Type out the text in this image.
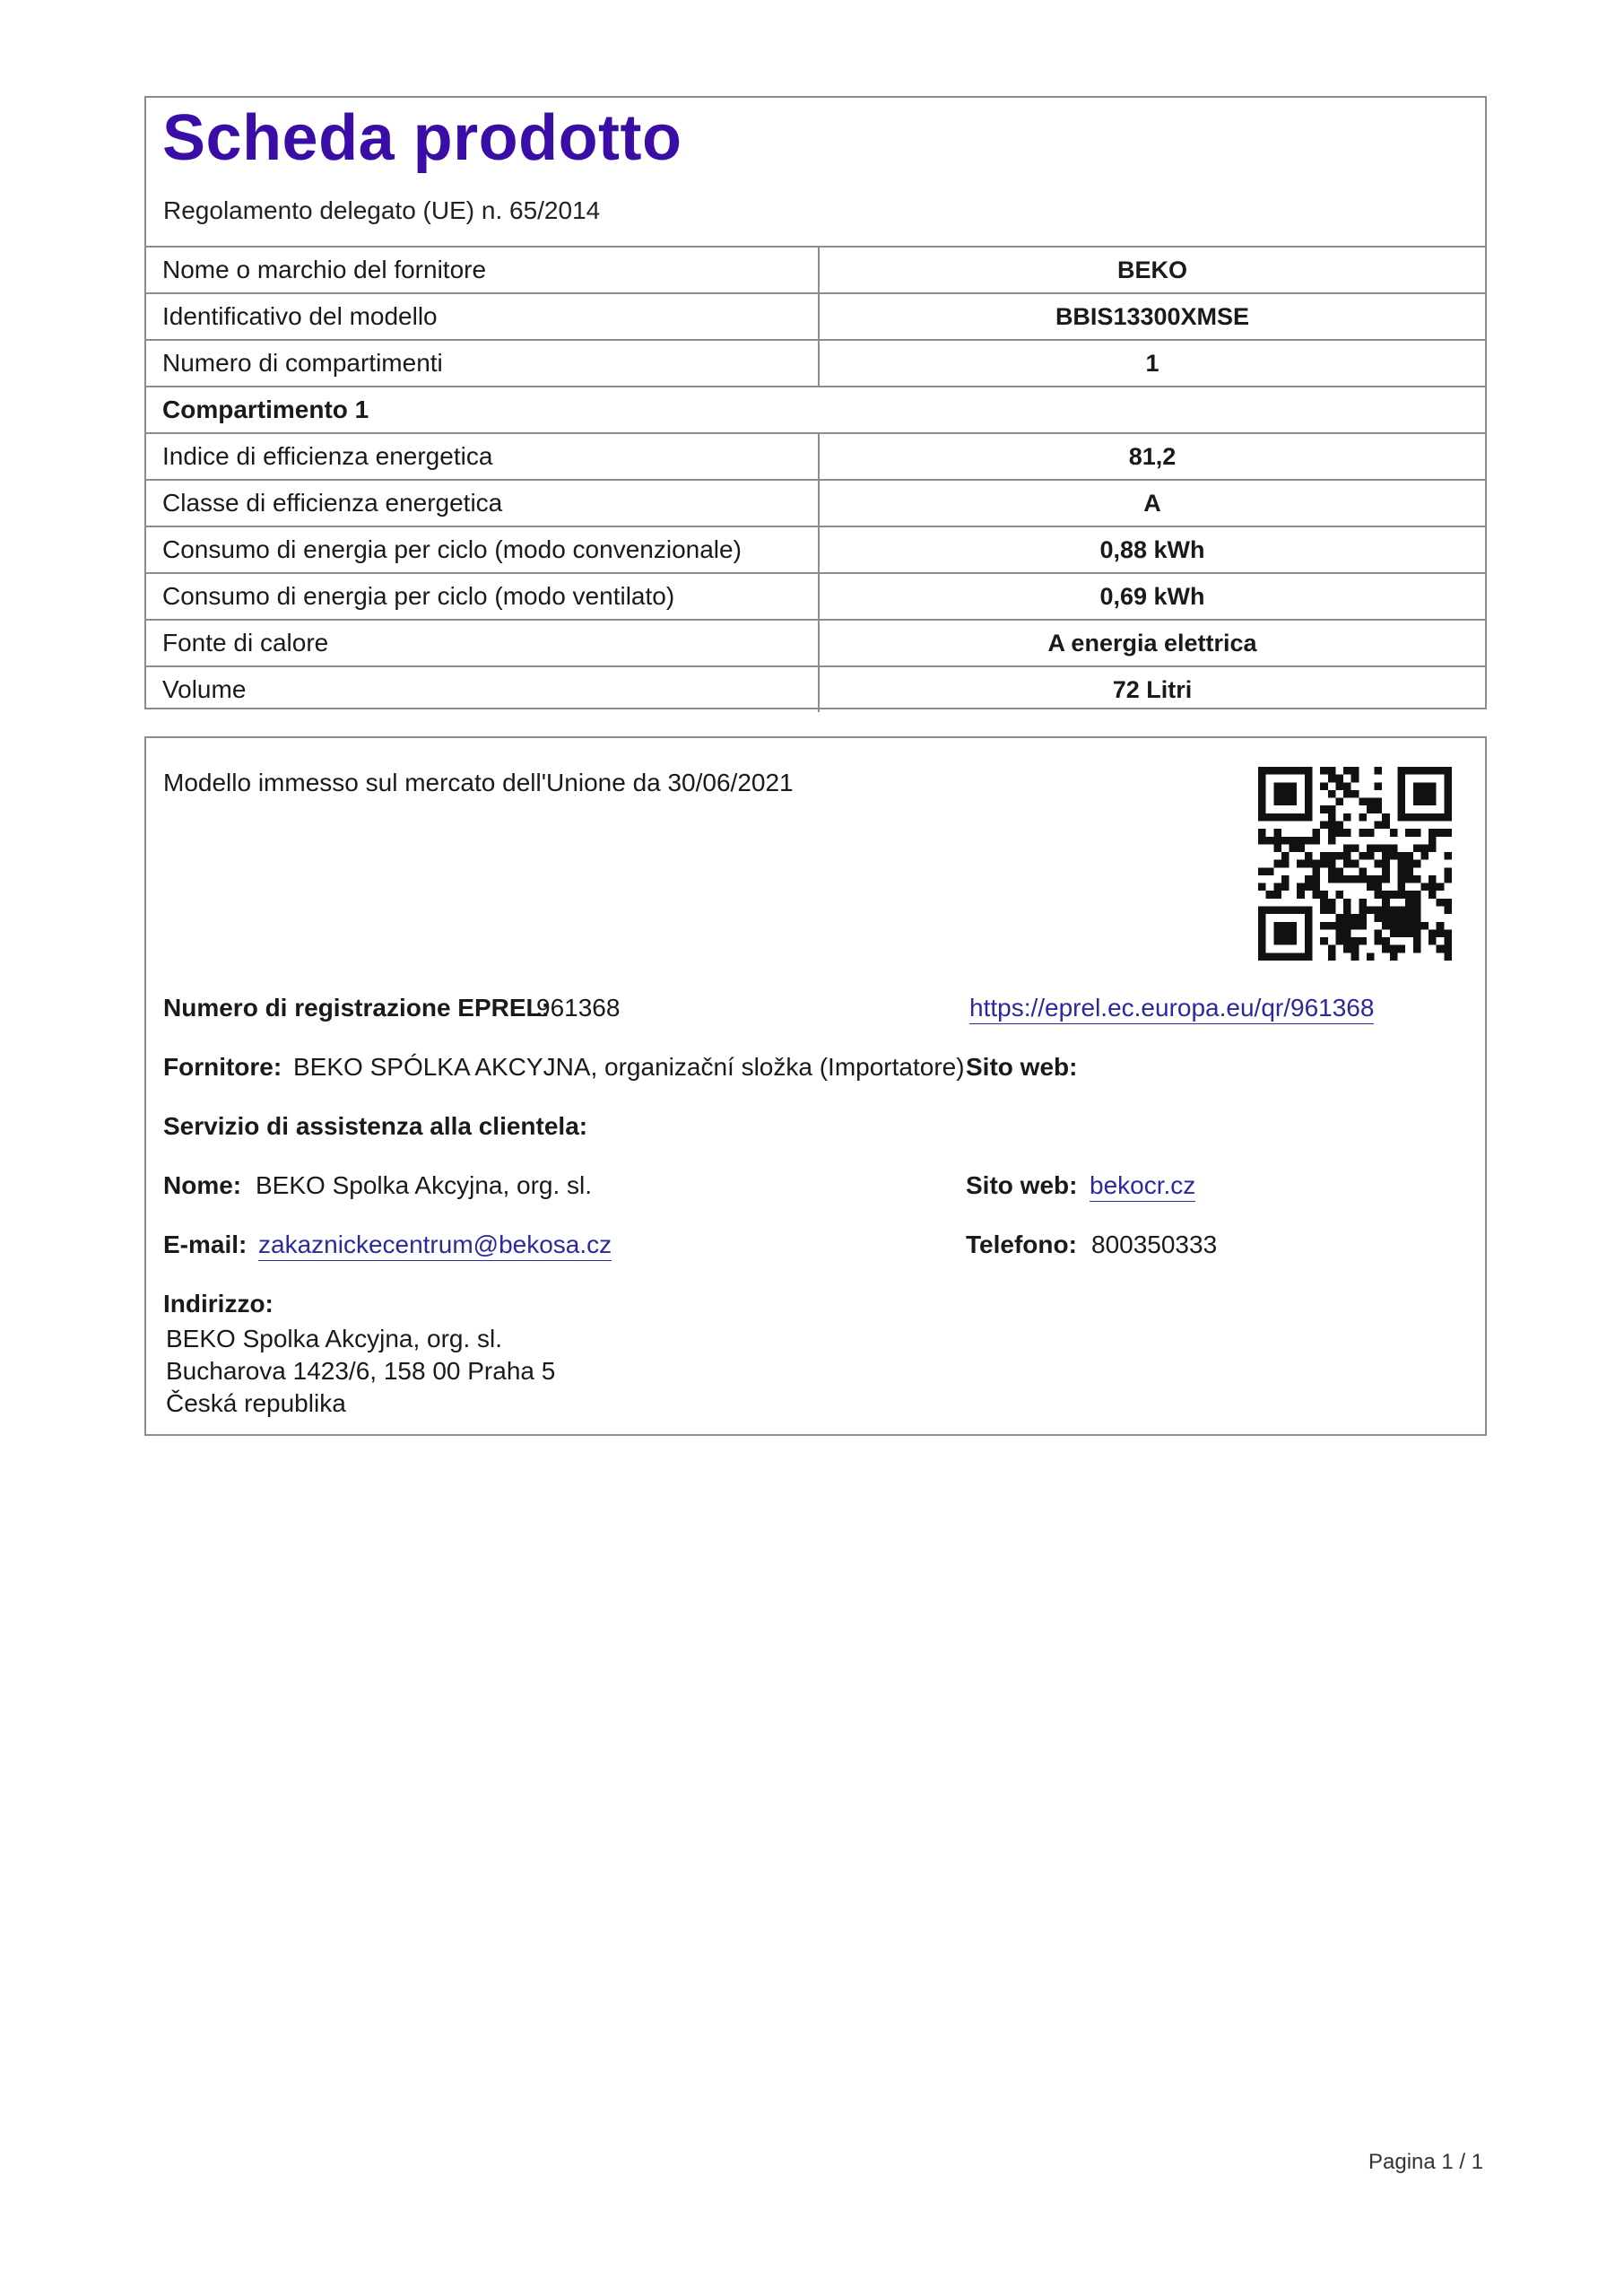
Scheda prodotto
Regolamento delegato (UE) n. 65/2014
Nome o marchio del fornitore	BEKO
Identificativo del modello	BBIS13300XMSE
Numero di compartimenti	1
Compartimento 1	
Indice di efficienza energetica	81,2
Classe di efficienza energetica	A
Consumo di energia per ciclo (modo convenzionale)	0,88 kWh
Consumo di energia per ciclo (modo ventilato)	0,69 kWh
Fonte di calore	A energia elettrica
Volume	72 Litri
Modello immesso sul mercato dell'Unione da 30/06/2021
Numero di registrazione EPREL:
961368	https://eprel.ec.europa.eu/qr/961368
Fornitore: BEKO SPÓLKA AKCYJNA, organizační složka (Importatore) Sito web:
Servizio di assistenza alla clientela:
Nome: BEKO Spolka Akcyjna, org. sl.	Sito web: bekocr.cz
E-mail: zakaznickecentrum@bekosa.cz	Telefono: 800350333
Indirizzo:
BEKO Spolka Akcyjna, org. sl.
Bucharova 1423/6, 158 00 Praha 5
Česká republika
Pagina 1 / 1
